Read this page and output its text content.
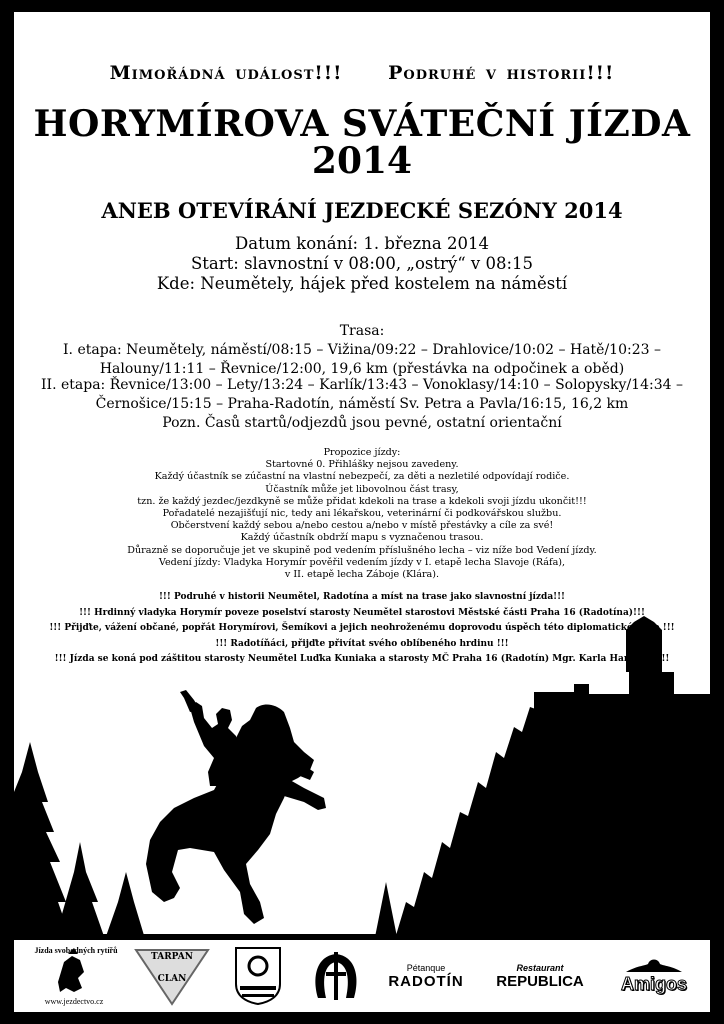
Mimořádná událost!!! Podruhé v historii!!!
HORYMÍROVA SVÁTEČNÍ JÍZDA
2014
ANEB OTEVÍRÁNÍ JEZDECKÉ SEZÓNY 2014
Datum konání: 1. března 2014
Start: slavnostní v 08:00, „ostrý“ v 08:15
Kde: Neumětely, hájek před kostelem na náměstí
Trasa:
I. etapa: Neumětely, náměstí/08:15 – Vižina/09:22 – Drahlovice/10:02 – Hatě/10:23 –
Halouny/11:11 – Řevnice/12:00, 19,6 km (přestávka na odpočinek a oběd)
II. etapa: Řevnice/13:00 – Lety/13:24 – Karlík/13:43 – Vonoklasy/14:10 – Solopysky/14:34 –
Černošice/15:15 – Praha-Radotín, náměstí Sv. Petra a Pavla/16:15, 16,2 km
Pozn. Časů startů/odjezdů jsou pevné, ostatní orientační
Propozice jízdy:
Startovné 0. Přihlášky nejsou zavedeny.
Každý účastník se zúčastní na vlastní nebezpečí, za děti a nezletilé odpovídají rodiče.
Účastník může jet libovolnou část trasy,
tzn. že každý jezdec/jezdkyně se může přidat kdekoli na trase a kdekoli svoji jízdu ukončit!!!
Pořadatelé nezajišťují nic, tedy ani lékařskou, veterinární či podkovářskou službu.
Občerstvení každý sebou a/nebo cestou a/nebo v místě přestávky a cíle za své!
Každý účastník obdrží mapu s vyznačenou trasou.
Důrazně se doporučuje jet ve skupině pod vedením příslušného lecha – viz níže bod Vedení jízdy.
Vedení jízdy: Vladyka Horymír pověřil vedením jízdy v I. etapě lecha Slavoje (Ráfa),
v II. etapě lecha Záboje (Klára).
!!! Podruhé v historii Neumětel, Radotína a míst na trase jako slavnostní jízda!!!
!!! Hrdinný vladyka Horymír poveze poselství starosty Neumětel starostovi Městské části Praha 16 (Radotína)!!!
!!! Přijďte, vážení občané, popřát Horymírovi, Šemíkovi a jejich neohroženému doprovodu úspěch této diplomatické mise !!!
!!! Radotíňáci, přijďte přivítat svého oblíbeného hrdinu !!!
!!! Jízda se koná pod záštitou starosty Neumětel Luďka Kuniaka a starosty MČ Praha 16 (Radotín) Mgr. Karla Hanzlíka !!!
Jízda svobodných rytířů
www.jezdectvo.cz
TARPAN
CLAN
Pétanque
RADOTÍN
Restaurant
REPUBLICA Amigos
